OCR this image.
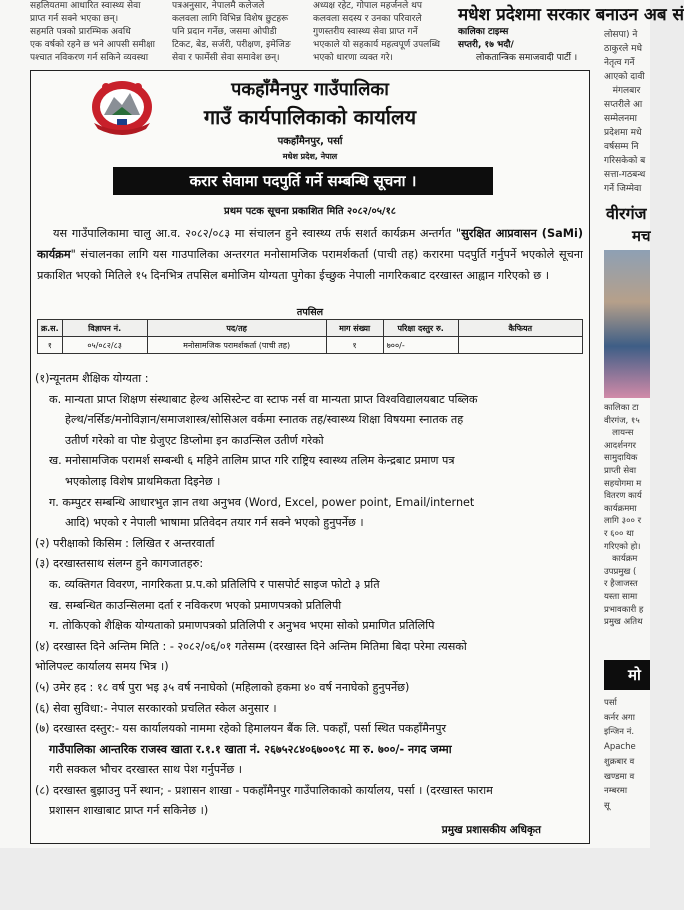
सहलियतमा आधारित स्वास्थ्य सेवा
प्राप्त गर्न सक्ने भएका छन्।
सहमति पत्रको प्रारम्भिक अवधि
एक वर्षको रहने छ भने आपसी समीक्षा
पश्चात नविकरण गर्न सकिने व्यवस्था
पत्रअनुसार, नेपालमै कलेजले
कलवला लागि विभिन्न विशेष छुटहरू
पनि प्रदान गर्नेछ, जसमा ओपीडी
टिकट, बेड, सर्जरी, परीक्षण, इमेजिङ
सेवा र फार्मेसी सेवा समावेश छन्।
अध्यक्ष रहेट, गोपाल महर्जनले थप
कलवला सदस्य र उनका परिवारले
गुणस्तरीय स्वास्थ्य सेवा प्राप्त गर्ने
भएकाले यो सहकार्य महत्वपूर्ण उपलब्धि
भएको धारणा व्यक्त गरे।
मधेश प्रदेशमा सरकार बनाउन अब सं
कालिका टाइम्स
सप्तरी, १७ भदौ/
लोकतान्त्रिक समाजवादी पार्टी ।
लोसपा) ने
ठाकुरले मधे
नेतृत्व गर्ने
आएको दावी
मंगलबार
सप्तरीले आ
सम्मेलनमा
प्रदेशमा मधे
वर्षसम्म नि
गरिसकेको ब
सत्ता-गठबन्ध
गर्ने जिम्मेवा
पकहाँमैनपुर गाउँपालिका
गाउँ कार्यपालिकाको कार्यालय
पकहाँमैनपुर, पर्सा
मधेश प्रदेश, नेपाल
करार सेवामा पदपुर्ति गर्ने सम्बन्धि सूचना ।
प्रथम पटक सूचना प्रकाशित मिति २०८२/०५/१८
यस गाउँपालिकामा चालु आ.व. २०८२/०८३ मा संचालन हुने स्वास्थ्य तर्फ सशर्त कार्यक्रम अन्तर्गत "सुरक्षित आप्रवासन (SaMi) कार्यक्रम" संचालनका लागि यस गाउपालिका अन्तरगत मनोसामजिक परामर्शकर्ता (पाची तह) करारमा पदपुर्ति गर्नुपर्ने भएकोले सूचना प्रकाशित भएको मितिले १५ दिनभित्र तपसिल बमोजिम योग्यता पुगेका ईच्छुक नेपाली नागरिकबाट दरखास्त आह्वान गरिएको छ ।
तपसिल
क्र.स.	विज्ञापन नं.	पद/तह	माग संख्या	परिक्षा दस्तुर रु.	कैफियत
१	०५/०८२/८३	मनोसामजिक परामर्शकर्ता (पाची तह)	१	७००/-	
(१)न्यूनतम शैक्षिक योग्यता :
क. मान्यता प्राप्त शिक्षण संस्थाबाट हेल्थ असिस्टेन्ट वा स्टाफ नर्स वा मान्यता प्राप्त विश्वविद्यालयबाट पब्लिक
हेल्थ/नर्सिङ/मनोविज्ञान/समाजशास्त्र/सोसिअल वर्कमा स्नातक तह/स्वास्थ्य शिक्षा विषयमा स्नातक तह
उतीर्ण गरेको वा पोष्ट ग्रेजुएट डिप्लोमा इन काउन्सिल उतीर्ण गरेको
ख. मनोसामजिक परामर्श सम्बन्धी ६ महिने तालिम प्राप्त गरि राष्ट्रिय स्वास्थ्य तलिम केन्द्रबाट प्रमाण पत्र
भएकोलाइ विशेष प्राथमिकता दिइनेछ ।
ग. कम्पुटर सम्बन्धि आधारभुत ज्ञान तथा अनुभव (Word, Excel, power point, Email/internet
आदि) भएको र नेपाली भाषामा प्रतिवेदन तयार गर्न सक्ने भएको हुनुपर्नेछ ।
(२) परीक्षाको किसिम : लिखित र अन्तरवार्ता
(३) दरखास्तसाथ संलग्न हुने कागजातहरु:
क. व्यक्तिगत विवरण, नागरिकता प्र.प.को प्रतिलिपि र पासपोर्ट साइज फोटो ३ प्रति
ख. सम्बन्धित काउन्सिलमा दर्ता र नविकरण भएको प्रमाणपत्रको प्रतिलिपी
ग. तोकिएको शैक्षिक योग्यताको प्रमाणपत्रको प्रतिलिपी र अनुभव भएमा सोको प्रमाणित प्रतिलिपि
(४) दरखास्त दिने अन्तिम मिति : - २०८२/०६/०१ गतेसम्म (दरखास्त दिने अन्तिम मितिमा बिदा परेमा त्यसको
भोलिपल्ट कार्यालय समय भित्र ।)
(५) उमेर हद : १८ वर्ष पुरा भइ ३५ वर्ष ननाघेको (महिलाको हकमा ४० वर्ष ननाघेको हुनुपर्नेछ)
(६) सेवा सुविधा:- नेपाल सरकारको प्रचलित स्केल अनुसार ।
(७) दरखास्त दस्तुर:- यस कार्यालयको नाममा रहेको हिमालयन बैंक लि. पकहाँ, पर्सा स्थित पकहाँमैनपुर
गाउँपालिका आन्तरिक राजस्व खाता र.१.१ खाता नं. २६७५२८४०६७००९८ मा रु. ७००/- नगद जम्मा
गरी सक्कल भौचर दरखास्त साथ पेश गर्नुपर्नेछ ।
(८) दरखास्त बुझाउनु पर्ने स्थान; - प्रशासन शाखा - पकहाँमैनपुर गाउँपालिकाको कार्यालय, पर्सा । (दरखास्त फाराम
प्रशासन शाखाबाट प्राप्त गर्न सकिनेछ ।)
प्रमुख प्रशासकीय अधिकृत
वीरगंज
मच
कालिका टा
वीरगंज, १५
लायन्स
आदर्शनगर
सामुदायिक
प्राप्ती सेवा
सहयोगमा म
वितरण कार्य
कार्यक्रममा
लागि ३०० र
र ६०० था
गरिएको हो।
कार्यक्रम
उपप्रमुख (
र हैजाजस्त
यस्ता सामा
प्रभावकारी ह
प्रमुख अतिथ
मो
पर्सा
कर्नर अगा
इन्जिन नं.
Apache
शुक्रबार व
खण्डमा व
नम्बरमा
सू
